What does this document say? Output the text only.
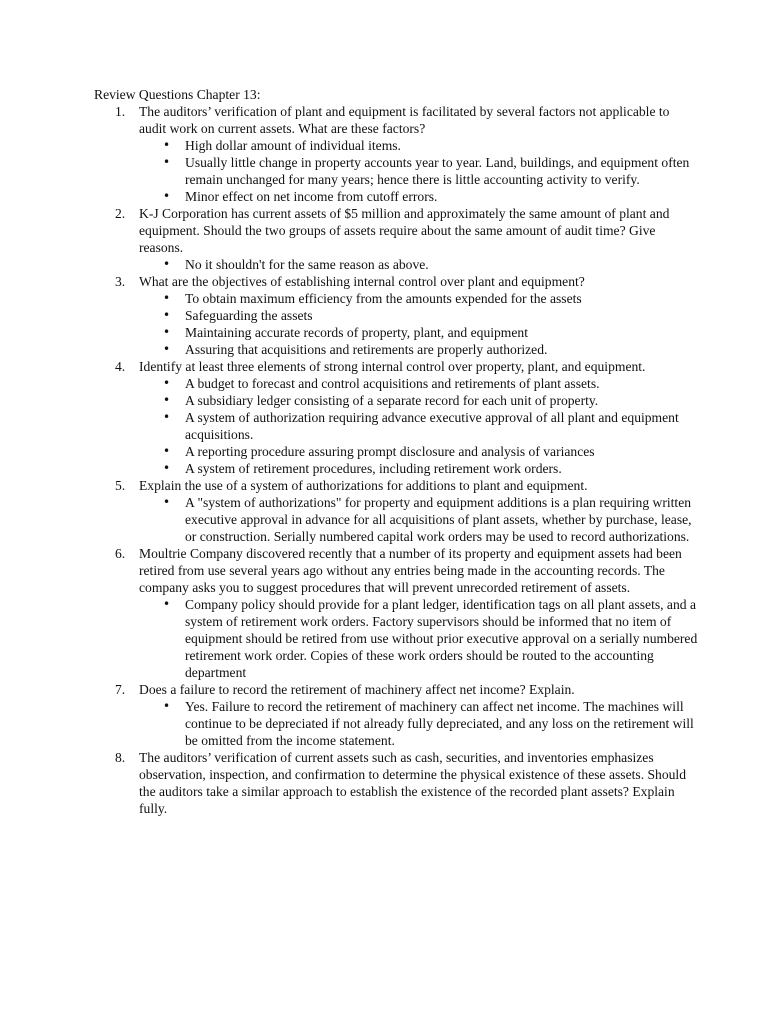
Review Questions Chapter 13:
The auditors’ verification of plant and equipment is facilitated by several factors not applicable to audit work on current assets. What are these factors?
• High dollar amount of individual items.
• Usually little change in property accounts year to year. Land, buildings, and equipment often remain unchanged for many years; hence there is little accounting activity to verify.
• Minor effect on net income from cutoff errors.
K-J Corporation has current assets of $5 million and approximately the same amount of plant and equipment. Should the two groups of assets require about the same amount of audit time? Give reasons.
• No it shouldn't for the same reason as above.
What are the objectives of establishing internal control over plant and equipment?
• To obtain maximum efficiency from the amounts expended for the assets
• Safeguarding the assets
• Maintaining accurate records of property, plant, and equipment
• Assuring that acquisitions and retirements are properly authorized.
Identify at least three elements of strong internal control over property, plant, and equipment.
• A budget to forecast and control acquisitions and retirements of plant assets.
• A subsidiary ledger consisting of a separate record for each unit of property.
• A system of authorization requiring advance executive approval of all plant and equipment acquisitions.
• A reporting procedure assuring prompt disclosure and analysis of variances
• A system of retirement procedures, including retirement work orders.
Explain the use of a system of authorizations for additions to plant and equipment.
• A "system of authorizations" for property and equipment additions is a plan requiring written executive approval in advance for all acquisitions of plant assets, whether by purchase, lease, or construction. Serially numbered capital work orders may be used to record authorizations.
Moultrie Company discovered recently that a number of its property and equipment assets had been retired from use several years ago without any entries being made in the accounting records. The company asks you to suggest procedures that will prevent unrecorded retirement of assets.
• Company policy should provide for a plant ledger, identification tags on all plant assets, and a system of retirement work orders. Factory supervisors should be informed that no item of equipment should be retired from use without prior executive approval on a serially numbered retirement work order. Copies of these work orders should be routed to the accounting department
Does a failure to record the retirement of machinery affect net income? Explain.
• Yes. Failure to record the retirement of machinery can affect net income. The machines will continue to be depreciated if not already fully depreciated, and any loss on the retirement will be omitted from the income statement.
The auditors’ verification of current assets such as cash, securities, and inventories emphasizes observation, inspection, and confirmation to determine the physical existence of these assets. Should the auditors take a similar approach to establish the existence of the recorded plant assets? Explain fully.
